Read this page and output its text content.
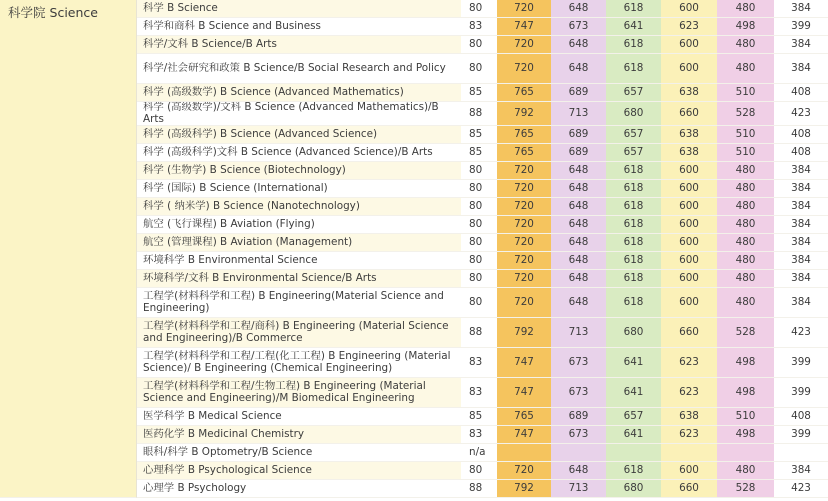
科学院 Science	科学 B Science	80	720	648	618	600	480	384
	科学和商科 B Science and Business	83	747	673	641	623	498	399
	科学/文科 B Science/B Arts	80	720	648	618	600	480	384
	科学/社会研究和政策 B Science/B Social Research and Policy	80	720	648	618	600	480	384
	科学 (高级数学) B Science (Advanced Mathematics)	85	765	689	657	638	510	408
	科学 (高级数学)/文科 B Science (Advanced Mathematics)/B Arts	88	792	713	680	660	528	423
	科学 (高级科学) B Science (Advanced Science)	85	765	689	657	638	510	408
	科学 (高级科学)文科 B Science (Advanced Science)/B Arts	85	765	689	657	638	510	408
	科学 (生物学) B Science (Biotechnology)	80	720	648	618	600	480	384
	科学 (国际) B Science (International)	80	720	648	618	600	480	384
	科学 ( 纳米学) B Science (Nanotechnology)	80	720	648	618	600	480	384
	航空 (飞行课程) B Aviation (Flying)	80	720	648	618	600	480	384
	航空 (管理课程) B Aviation (Management)	80	720	648	618	600	480	384
	环境科学 B Environmental Science	80	720	648	618	600	480	384
	环境科学/文科 B Environmental Science/B Arts	80	720	648	618	600	480	384
	工程学(材料科学和工程) B Engineering(Material Science and Engineering)	80	720	648	618	600	480	384
	工程学(材料科学和工程/商科) B Engineering (Material Science and Engineering)/B Commerce	88	792	713	680	660	528	423
	工程学(材料科学和工程/工程(化工工程) B Engineering (Material Science)/ B Engineering (Chemical Engineering)	83	747	673	641	623	498	399
	工程学(材料科学和工程/生物工程) B Engineering (Material Science and Engineering)/M Biomedical Engineering	83	747	673	641	623	498	399
	医学科学 B Medical Science	85	765	689	657	638	510	408
	医药化学 B Medicinal Chemistry	83	747	673	641	623	498	399
	眼科/科学 B Optometry/B Science	n/a						
	心理科学 B Psychological Science	80	720	648	618	600	480	384
	心理学 B Psychology	88	792	713	680	660	528	423
